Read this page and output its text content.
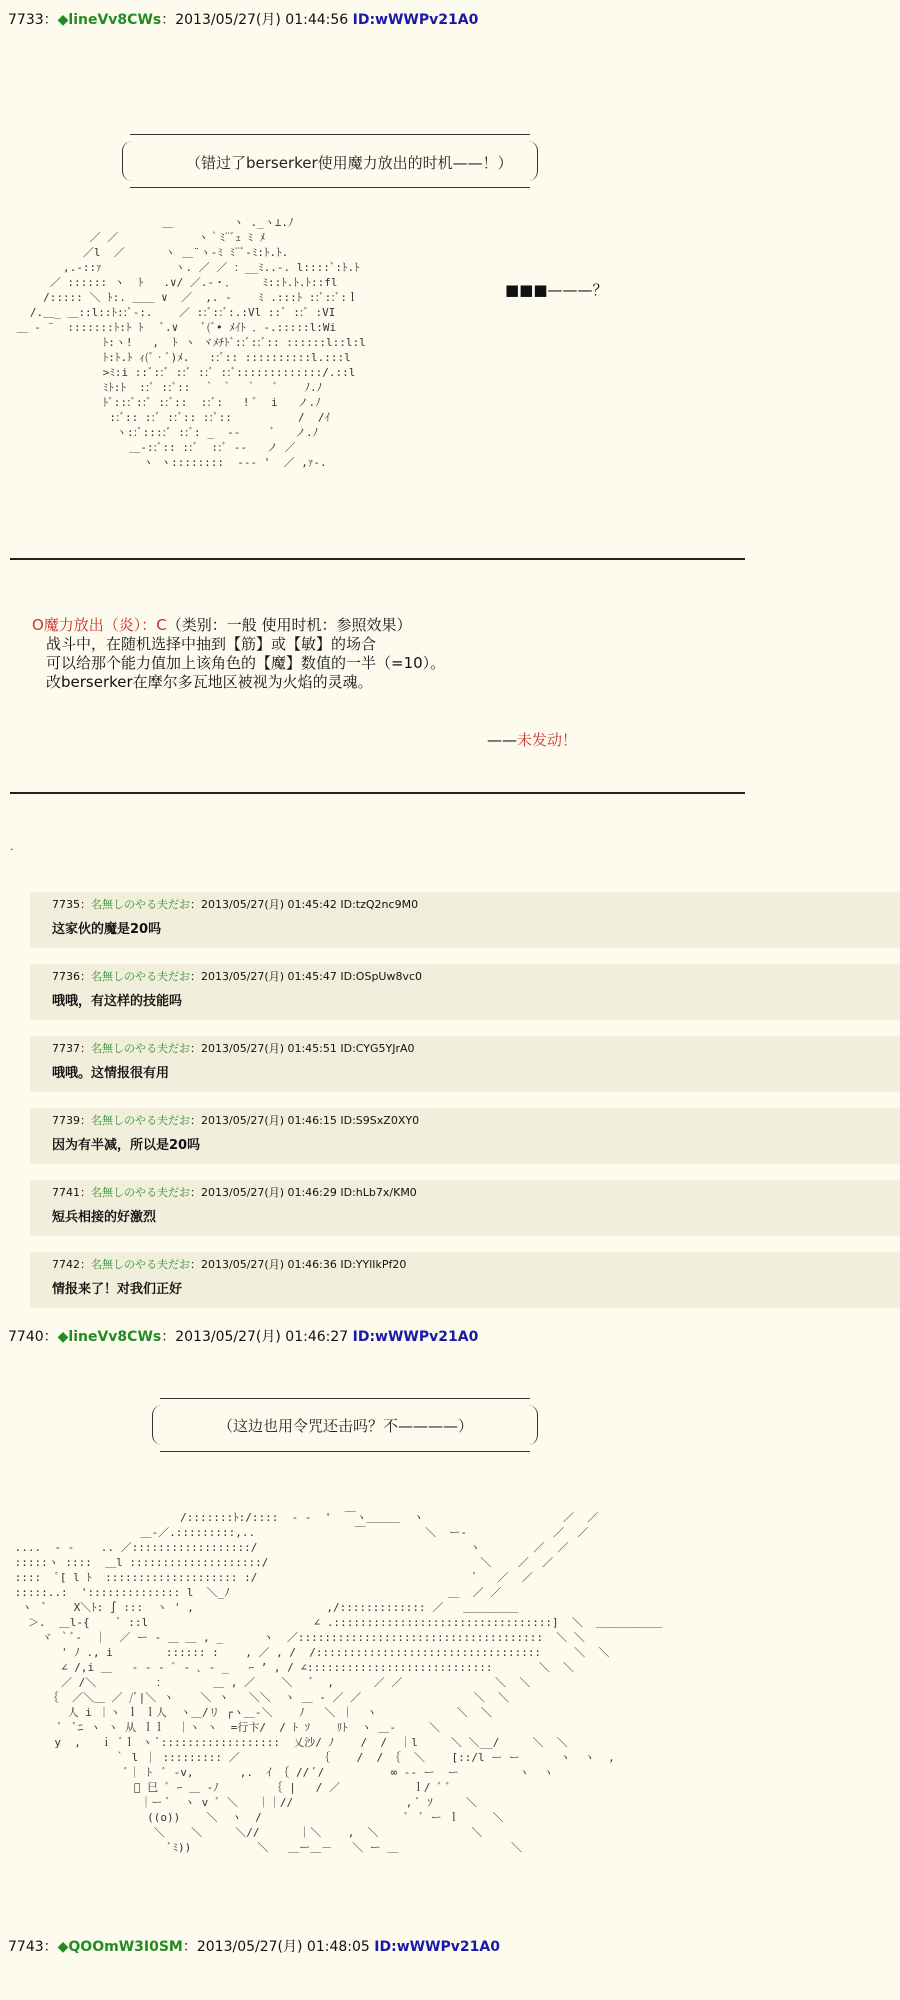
7733：◆lineVv8CWs：2013/05/27(月) 01:44:56 ID:wWWPv21A0
（错过了berserker使用魔力放出的时机——！）

＿         ヽ ._ヽ⊥.ﾉ
／ ／            ヽ｀ﾐ¨ﾞｭ ﾐ ﾒ
／l  ／      ヽ ＿¨ヽ-ﾐ ﾐ¨ﾞ-ﾐ:ﾄ.ﾄ.
,.-::ｧ           ヽ. ／ ／ ：__ﾐ..-. l::::ﾞ:ﾄ.ﾄ
／ :::::: ヽ  ﾄ   .∨/ ／.-・．    ﾐ::ﾄ.ﾄ.ﾄ::fl
/::::: ＼ ﾄ:. ＿＿ ∨  ／  ,. -    ﾐ .:::ﾄ ::ﾞ::ﾞ:ｌ
/.＿_ ＿::l::ﾄ::ﾞ-:.    ／ ::ﾞ::ﾞ:.:Vl ::ﾞ ::ﾞ :VI
＿ ‐ ¨  :::::::ﾄ:ﾄ ﾄ   ﾞ.∨    ﾞ(ﾞ• ﾒｲﾄ ．-.:::::l:Wi
ﾄ:ヽ!   ,  ﾄ ヽ ヾﾒﾁﾄﾞ::ﾞ::ﾞ:: ::::::l::l:l
ﾄ:ﾄ.ﾄ ｨ(ﾞ•ﾞ)ﾒ.   ::ﾞ:: ::::::::::l.:::l
>ﾐ:i ::ﾞ::ﾞ ::ﾞ ::ﾞ ::ﾞ:::::::::::::/.::l
ﾐﾄ:ﾄ  ::ﾞ ::ﾞ::  ｀ ｀  ｀   ﾞ    ﾉ.ﾉ
ﾄﾞ:::ﾞ::ﾞ ::ﾞ::  ::ﾞ:   ! ﾞ  i   ノ.ﾉ
::ﾞ:: ::ﾞ ::ﾞ:: ::ﾞ::          /  /ｲ
ヽ::ﾞ::::ﾞ ::ﾞ: _  ‐‐     ﾞ   ノ.ﾉ
＿-::ﾞ:: ::ﾞ  ::ﾞ ‐‐   ノ ／
ヽ ヽ::::::::  ‐‐‐ '  ／ ,ｧ-.

■■■———？
O魔力放出（炎）：C（类别：一般 使用时机：参照效果）
战斗中，在随机选择中抽到【筋】或【敏】的场合
可以给那个能力值加上该角色的【魔】数值的一半（=10）。
改berserker在摩尔多瓦地区被视为火焰的灵魂。
——未发动！
.
7735：名無しのやる夫だお：2013/05/27(月) 01:45:42 ID:tzQ2nc9M0
这家伙的魔是20吗
7736：名無しのやる夫だお：2013/05/27(月) 01:45:47 ID:OSpUw8vc0
哦哦，有这样的技能吗
7737：名無しのやる夫だお：2013/05/27(月) 01:45:51 ID:CYG5YJrA0
哦哦。这情报很有用
7739：名無しのやる夫だお：2013/05/27(月) 01:46:15 ID:S9SxZ0XY0
因为有半减，所以是20吗
7741：名無しのやる夫だお：2013/05/27(月) 01:46:29 ID:hLb7x/KM0
短兵相接的好激烈
7742：名無しのやる夫だお：2013/05/27(月) 01:46:36 ID:YYlIkPf20
情报来了！对我们正好
7740：◆lineVv8CWs：2013/05/27(月) 01:46:27 ID:wWWPv21A0
（这边也用令咒还击吗？不————）

/:::::::ﾄ:/::::  - -  '  ￣ヽ＿＿＿  ヽ                     ／  ／
＿-／.:::::::::,..               ￣         ＼  ー-             ／  ／
....  - -    .. ／::::::::::::::::::/                                ヽ        ／  ／
:::::ヽ ::::  ＿l ::::::::::::::::::::/                                ＼    ／  ／
::::  ﾞ[ l ﾄ  :::::::::::::::::::: :/                                 ﾞ   ／  ／
:::::..:  ':::::::::::::: l  ＼_ﾉ                                 ＿  ／ ／
ヽ  ﾞ    X＼ﾄ: ∫ :::  ヽ ' ,                    ,/::::::::::::: ／   ＿＿＿＿＿
＞.  ＿l-{    ﾞ ::l                         ∠ .:::::::::::::::::::::::::::::::::]  ＼  ＿＿＿＿＿＿
ヾ ｀ﾞ-  ｜  ／ ー ‐ ＿ ＿ , _      ヽ  ／:::::::::::::::::::::::::::::::::::::  ＼ ＼
' ﾉ ., i        :::::: :    , ／ , /  /::::::::::::::::::::::::::::::::::     ＼  ＼
∠ /,i ＿   ‐ ‐ ‐ ﾞ - ､ - _   ｰ ’ , / ∠::::::::::::::::::::::::::::       ＼  ＼
／ /＼         ：       ＿ , ／    ＼   ﾞ  ,      ／ ／              ＼  ＼
｛  ／＼＿ ／ /ﾞ|＼ ヽ    ＼ ヽ   ＼＼  ヽ ＿ ‐ ／ ／                 ＼  ＼
人 i ｜ヽ ｌ ｌ人  ヽ＿/リ ┌ヽ＿-＼    ﾉ   ＼ ｜  ヽ            ＼  ＼
ﾞ  ﾞﾆ ヽ ヽ 从 ｌｌ  ｜ヽ ヽ  =行卞/  / ﾄ ｿ    ﾘﾄ  ヽ ＿‐     ＼
y  ,   ｉ ﾞｌ ヽ ﾞ::::::::::::::::::  乂沙/ ﾉ    /  /  ｜l     ＼ ＼__/     ＼  ＼
｀ l ｜ ::::::::: ／            ｛    /  / ｛  ＼    [::/l ー ー      ヽ  ヽ  ,
ﾞ｜ ﾄ  ﾞ -v,       ,.  ｲ ｛ // ﾞ/          ∞ -- ー  ー         ヽ  ヽ
ﾞ 巳 ﾞ ｰ ＿ -ﾉ        ｛ |   / ／           ｌ/ ﾞ ﾞ
｜ー ﾞ  ヽ v ﾞ ＼   ｜｜//                 , ﾞ ｿ     ＼
((o))    ＼  ヽ  /                      ﾞ  ﾞ ー ｌ     ＼
＼    ＼     ＼//      ｜＼    ,  ＼              ＼
ﾞﾐ))          ＼   ＿ー＿－   ＼ ー ＿                 ＼

7743：◆QOOmW3I0SM：2013/05/27(月) 01:48:05 ID:wWWPv21A0
